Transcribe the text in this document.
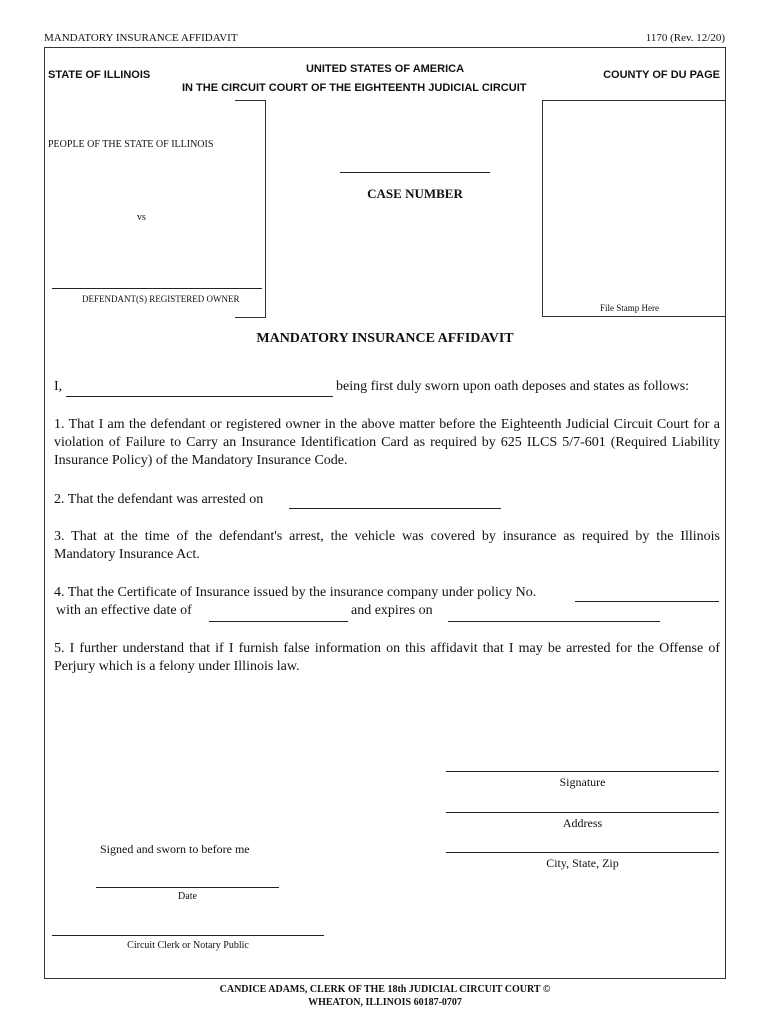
MANDATORY INSURANCE AFFIDAVIT	1170 (Rev. 12/20)
STATE OF ILLINOIS	UNITED STATES OF AMERICA
IN THE CIRCUIT COURT OF THE EIGHTEENTH JUDICIAL CIRCUIT
COUNTY OF DU PAGE
PEOPLE OF THE STATE OF ILLINOIS
vs
DEFENDANT(S) REGISTERED OWNER
CASE NUMBER
File Stamp Here
MANDATORY INSURANCE AFFIDAVIT
I,	being first duly sworn upon oath deposes and states as follows:
1. That I am the defendant or registered owner in the above matter before the Eighteenth Judicial Circuit Court for a violation of Failure to Carry an Insurance Identification Card as required by 625 ILCS 5/7-601 (Required Liability Insurance Policy) of the Mandatory Insurance Code.
2. That the defendant was arrested on
3. That at the time of the defendant's arrest, the vehicle was covered by insurance as required by the Illinois Mandatory Insurance Act.
4. That the Certificate of Insurance issued by the insurance company under policy No.
with an effective date of	and expires on
5. I further understand that if I furnish false information on this affidavit that I may be arrested for the Offense of Perjury which is a felony under Illinois law.
Signature
Address
City, State, Zip
Signed and sworn to before me
Date
Circuit Clerk or Notary Public
CANDICE ADAMS, CLERK OF THE 18th JUDICIAL CIRCUIT COURT ©
WHEATON, ILLINOIS 60187-0707
